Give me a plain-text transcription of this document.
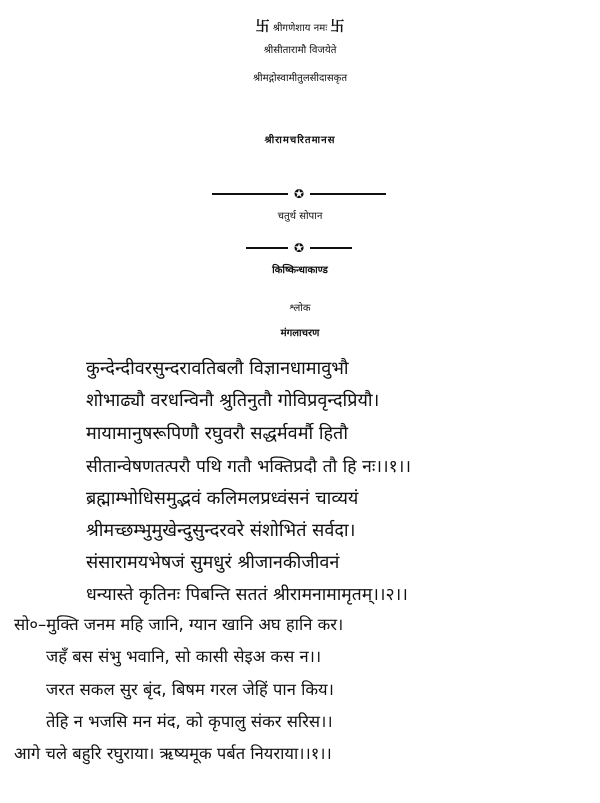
卐 श्रीगणेशाय नमः 卐
श्रीसीतारामौ विजयेते
श्रीमद्गोस्वामीतुलसीदासकृत
श्रीरामचरितमानस
✪
चतुर्थ सोपान
✪
किष्किन्धाकाण्ड
श्लोक
मंगलाचरण
कुन्देन्दीवरसुन्दरावतिबलौ विज्ञानधामावुभौ
शोभाढ्यौ वरधन्विनौ श्रुतिनुतौ गोविप्रवृन्दप्रियौ।
मायामानुषरूपिणौ रघुवरौ सद्धर्मवर्मौ हितौ
सीतान्वेषणतत्परौ पथि गतौ भक्तिप्रदौ तौ हि नः।।१।।
ब्रह्माम्भोधिसमुद्भवं कलिमलप्रध्वंसनं चाव्ययं
श्रीमच्छम्भुमुखेन्दुसुन्दरवरे संशोभितं सर्वदा।
संसारामयभेषजं सुमधुरं श्रीजानकीजीवनं
धन्यास्ते कृतिनः पिबन्ति सततं श्रीरामनामामृतम्।।२।।
सो०–मुक्ति जनम महि जानि, ग्यान खानि अघ हानि कर।
जहँ बस संभु भवानि, सो कासी सेइअ कस न।।
जरत सकल सुर बृंद, बिषम गरल जेहिं पान किय।
तेहि न भजसि मन मंद, को कृपालु संकर सरिस।।
आगे चले बहुरि रघुराया। ऋष्यमूक पर्बत नियराया।।१।।
